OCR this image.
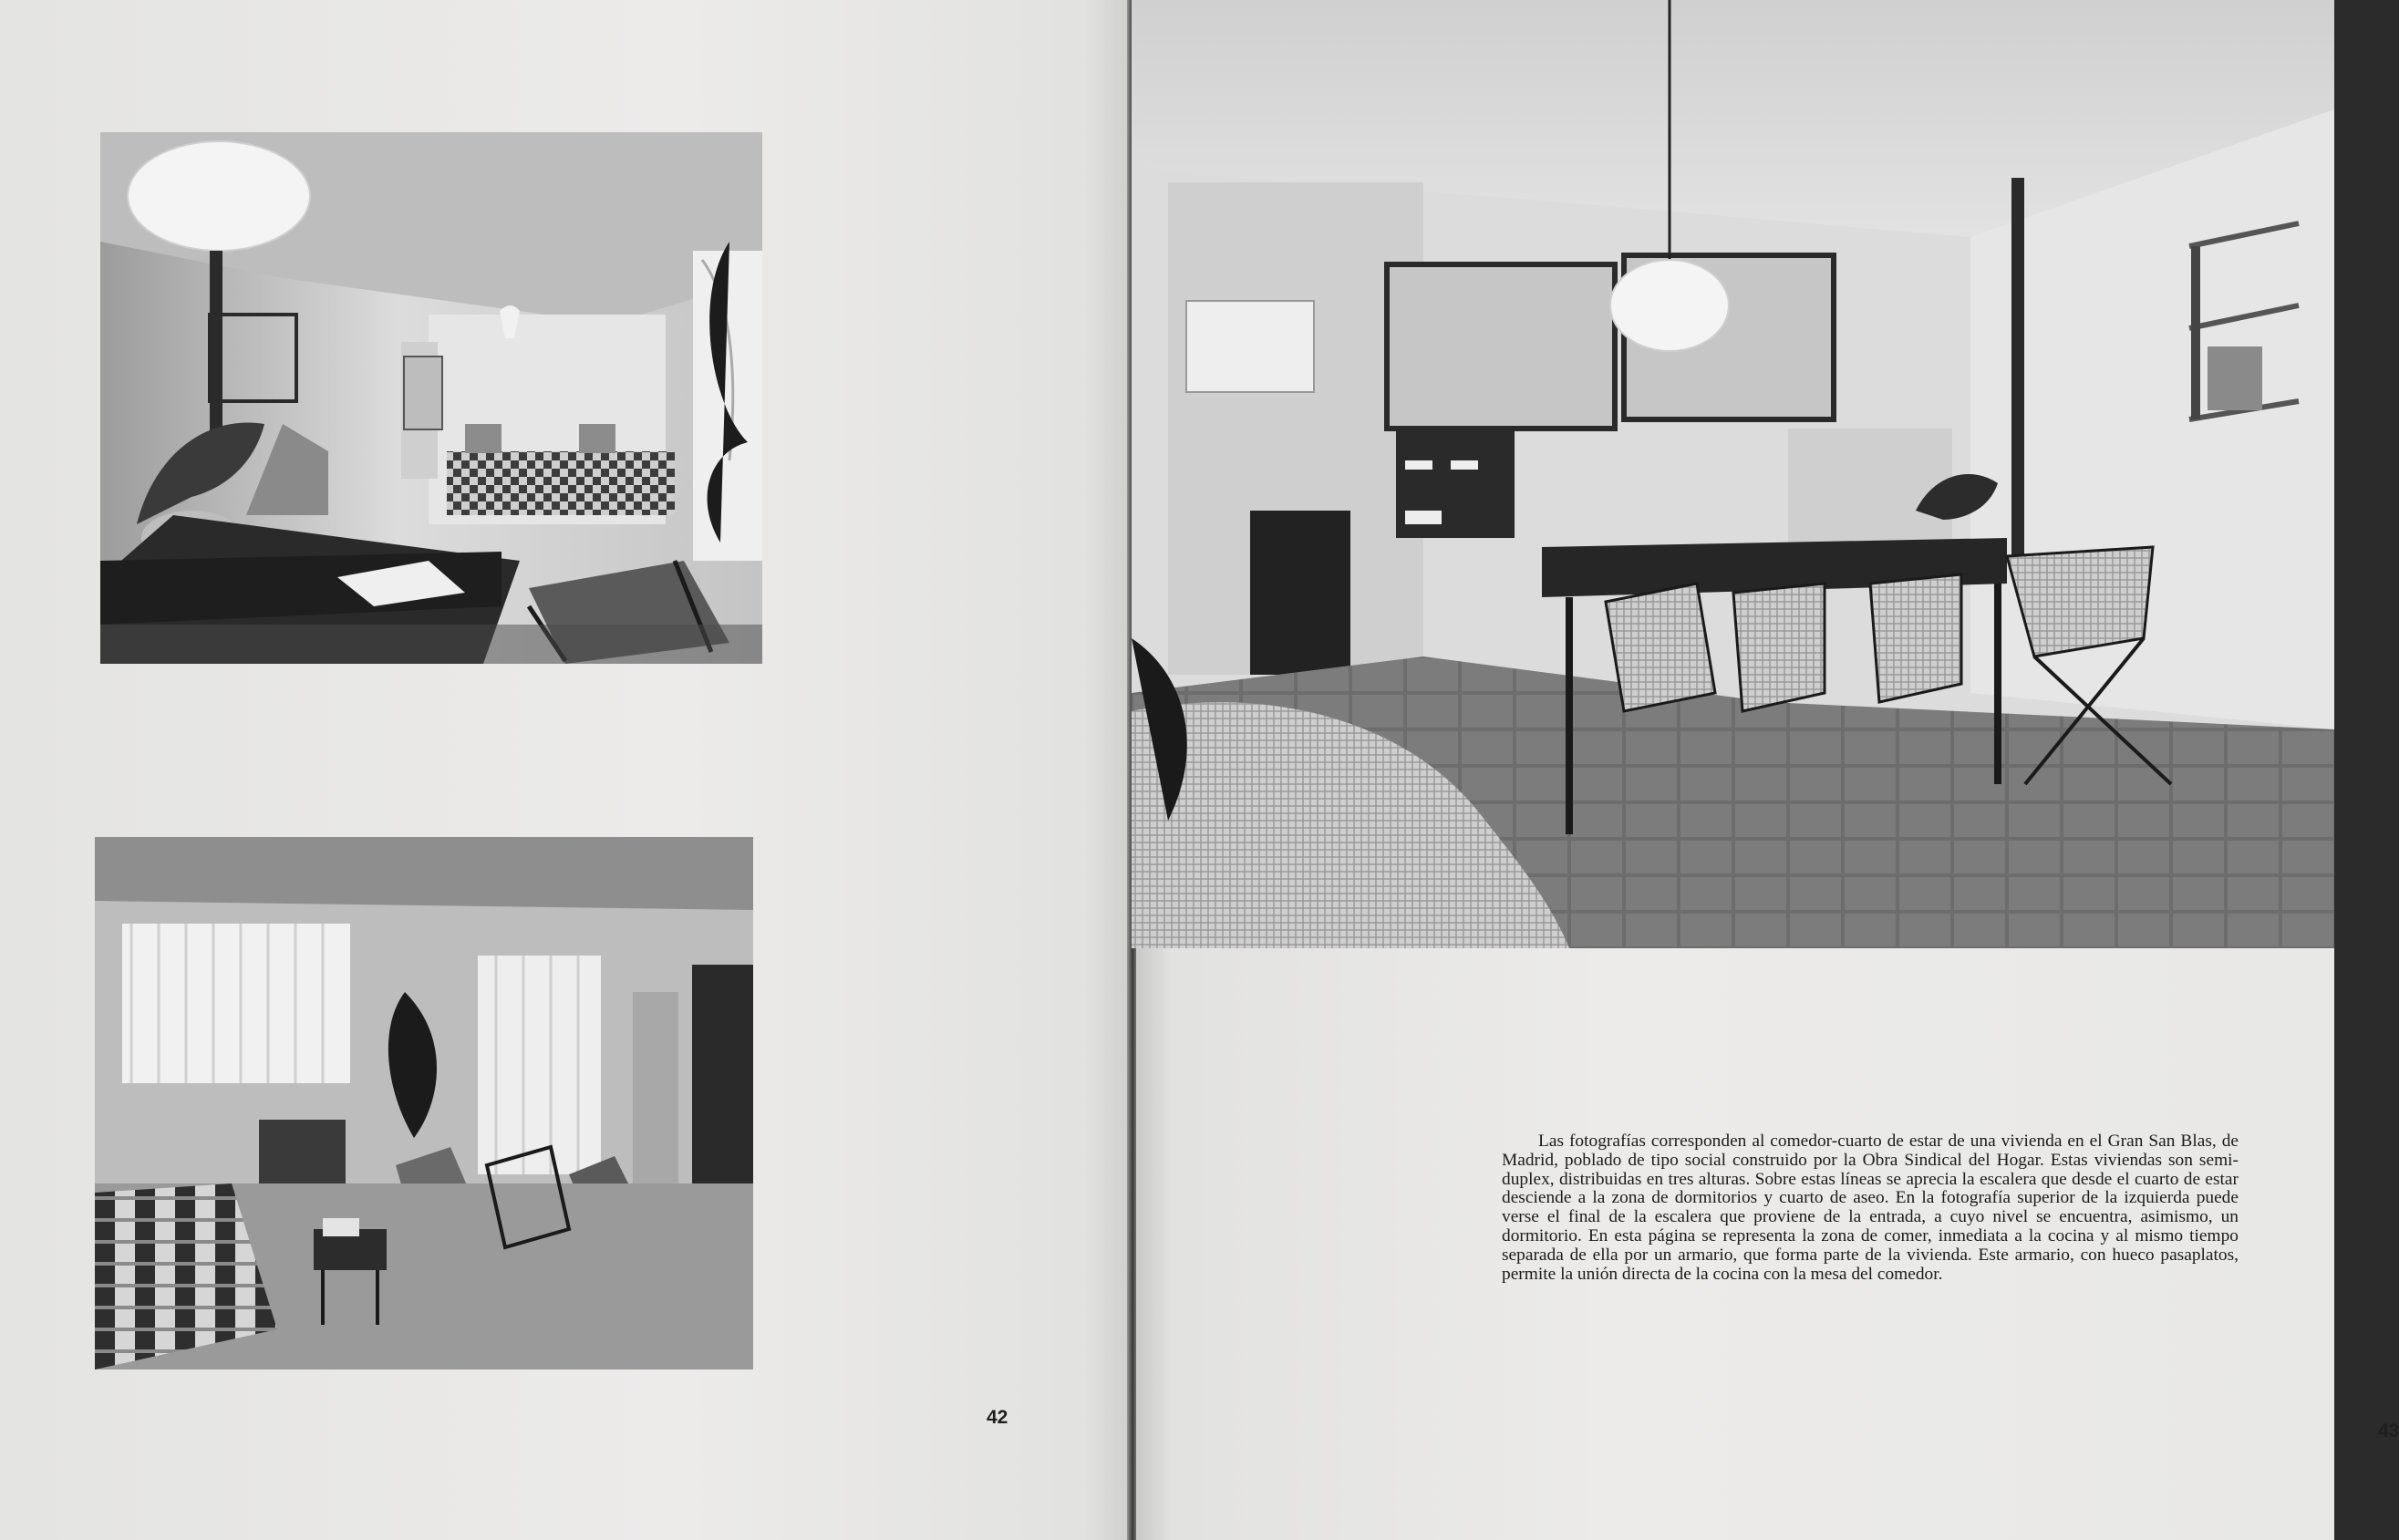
42
43
Las fotografías corresponden al comedor-cuarto de estar de una vivienda en el Gran San Blas, de Madrid, poblado de tipo social construido por la Obra Sindical del Hogar. Estas viviendas son semi-duplex, distribuidas en tres alturas. Sobre estas líneas se aprecia la escalera que desde el cuarto de estar desciende a la zona de dormitorios y cuarto de aseo. En la fotografía superior de la izquierda puede verse el final de la escalera que proviene de la entrada, a cuyo nivel se encuentra, asimismo, un dormitorio. En esta página se representa la zona de comer, inmediata a la cocina y al mismo tiempo separada de ella por un armario, que forma parte de la vivienda. Este armario, con hueco pasaplatos, permite la unión directa de la cocina con la mesa del comedor.
